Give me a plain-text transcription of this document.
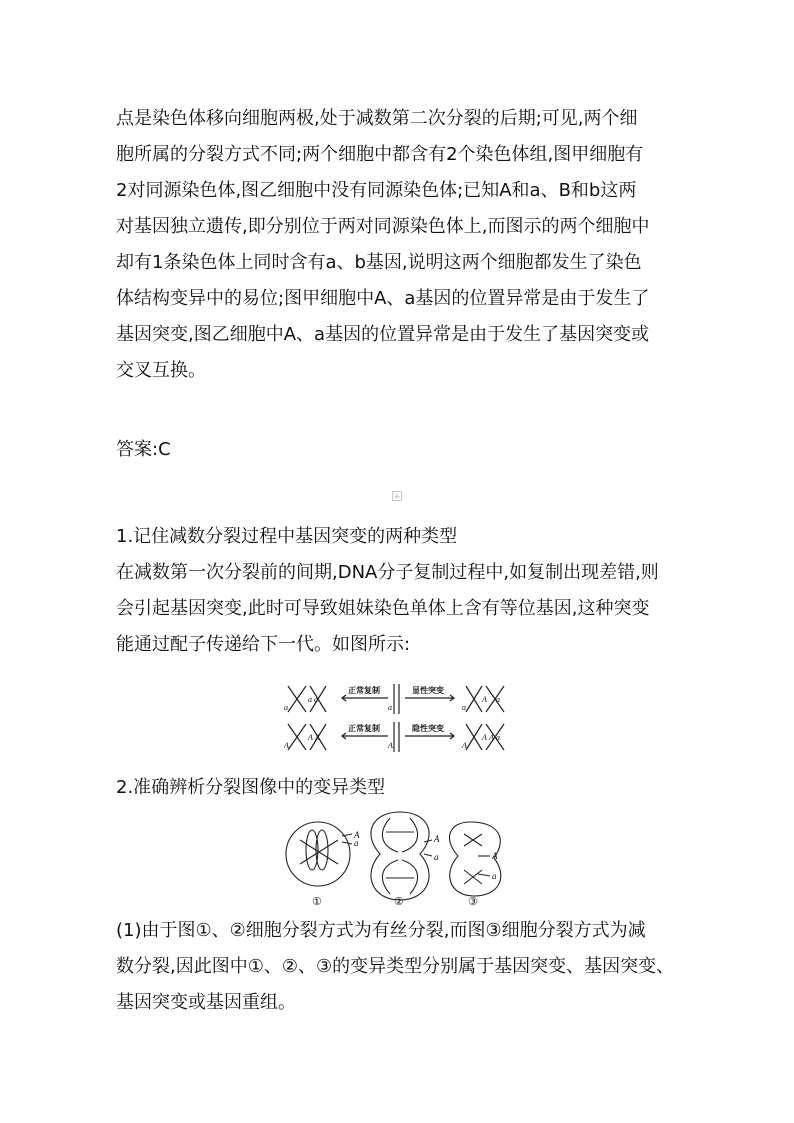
点是染色体移向细胞两极,处于减数第二次分裂的后期;可见,两个细
胞所属的分裂方式不同;两个细胞中都含有2个染色体组,图甲细胞有
2对同源染色体,图乙细胞中没有同源染色体;已知A和a、B和b这两
对基因独立遗传,即分别位于两对同源染色体上,而图示的两个细胞中
却有1条染色体上同时含有a、b基因,说明这两个细胞都发生了染色
体结构变异中的易位;图甲细胞中A、a基因的位置异常是由于发生了
基因突变,图乙细胞中A、a基因的位置异常是由于发生了基因突变或
交叉互换。
答案:C
1.记住减数分裂过程中基因突变的两种类型
在减数第一次分裂前的间期,DNA分子复制过程中,如复制出现差错,则
会引起基因突变,此时可导致姐妹染色单体上含有等位基因,这种突变
能通过配子传递给下一代。如图所示:
正常复制	显性突变
正常复制	隐性突变
a
a a
a	a
A a
A
A A
A	A
A A a
2.准确辨析分裂图像中的变异类型
A
a	A
a	A
a
①	②	③
(1)由于图①、②细胞分裂方式为有丝分裂,而图③细胞分裂方式为减
数分裂,因此图中①、②、③的变异类型分别属于基因突变、基因突变、
基因突变或基因重组。
